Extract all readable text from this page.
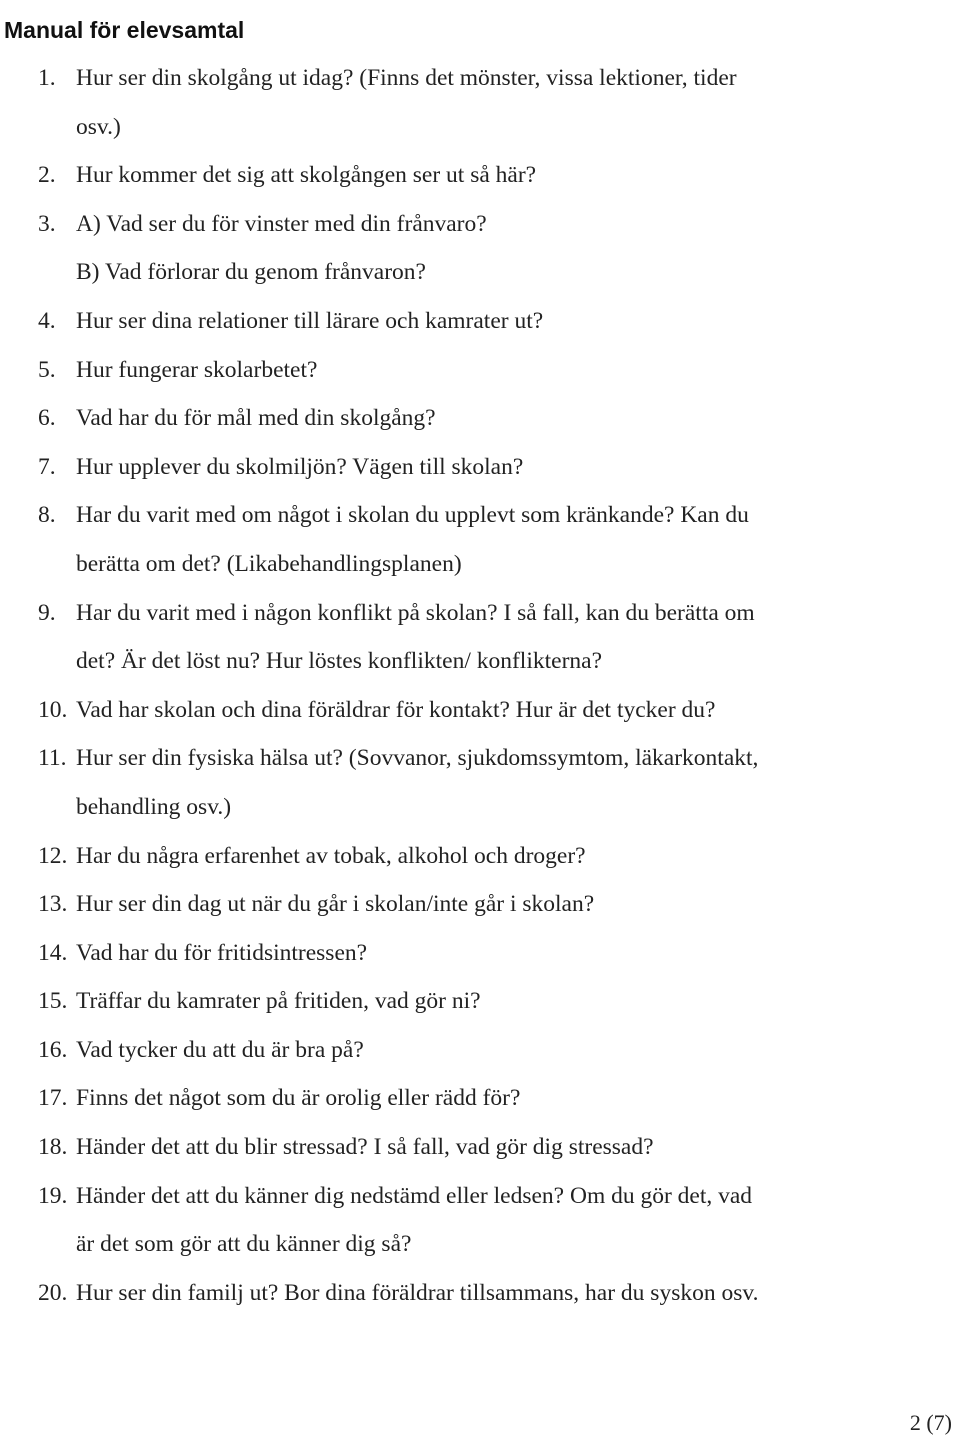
Manual för elevsamtal
1. Hur ser din skolgång ut idag? (Finns det mönster, vissa lektioner, tider
osv.)
2. Hur kommer det sig att skolgången ser ut så här?
3. A) Vad ser du för vinster med din frånvaro?
B) Vad förlorar du genom frånvaron?
4. Hur ser dina relationer till lärare och kamrater ut?
5. Hur fungerar skolarbetet?
6. Vad har du för mål med din skolgång?
7. Hur upplever du skolmiljön? Vägen till skolan?
8. Har du varit med om något i skolan du upplevt som kränkande? Kan du
berätta om det? (Likabehandlingsplanen)
9. Har du varit med i någon konflikt på skolan? I så fall, kan du berätta om
det? Är det löst nu? Hur löstes konflikten/ konflikterna?
10. Vad har skolan och dina föräldrar för kontakt? Hur är det tycker du?
11. Hur ser din fysiska hälsa ut? (Sovvanor, sjukdomssymtom, läkarkontakt,
behandling osv.)
12. Har du några erfarenhet av tobak, alkohol och droger?
13. Hur ser din dag ut när du går i skolan/inte går i skolan?
14. Vad har du för fritidsintressen?
15. Träffar du kamrater på fritiden, vad gör ni?
16. Vad tycker du att du är bra på?
17. Finns det något som du är orolig eller rädd för?
18. Händer det att du blir stressad? I så fall, vad gör dig stressad?
19. Händer det att du känner dig nedstämd eller ledsen? Om du gör det, vad
är det som gör att du känner dig så?
20. Hur ser din familj ut? Bor dina föräldrar tillsammans, har du syskon osv.
2 (7)
